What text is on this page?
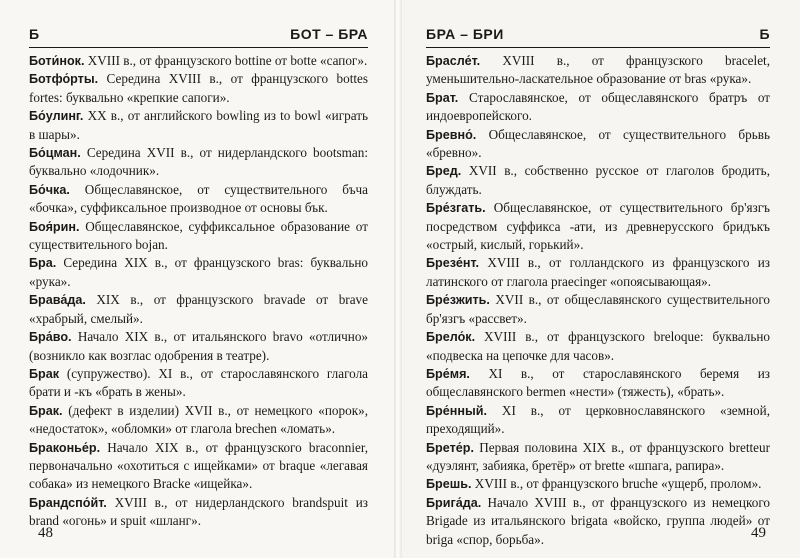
Б	БОТ – БРА
Боти́нок. XVIII в., от французского bottine от botte «сапог».
Ботфо́рты. Середина XVIII в., от французского bottes fortes: буквально «крепкие сапоги».
Бо́улинг. XX в., от английского bowling из to bowl «играть в шары».
Бо́цман. Середина XVII в., от нидерландского bootsman: буквально «лодочник».
Бо́чка. Общеславянское, от существительного бъча «бочка», суффиксальное производное от основы бък.
Боя́рин. Общеславянское, суффиксальное образование от существительного bojan.
Бра. Середина XIX в., от французского bras: буквально «рука».
Брава́да. XIX в., от французского bravade от brave «храбрый, смелый».
Бра́во. Начало XIX в., от итальянского bravo «отлично» (возникло как возглас одобрения в театре).
Брак (супружество). XI в., от старославянского глагола брати и -къ «брать в жены».
Брак. (дефект в изделии) XVII в., от немецкого «порок», «недостаток», «обломки» от глагола brechen «ломать».
Браконье́р. Начало XIX в., от французского braconnier, первоначально «охотиться с ищейками» от braque «легавая собака» из немецкого Bracke «ищейка».
Брандспо́йт. XVIII в., от нидерландского brandspuit из brand «огонь» и spuit «шланг».
48
БРА – БРИ	Б
Брасле́т. XVIII в., от французского bracelet, уменьшительно-ласкательное образование от bras «рука».
Брат. Старославянское, от общеславянского братръ от индоевропейского.
Бревно́. Общеславянское, от существительного брьвь «бревно».
Бред. XVII в., собственно русское от глаголов бродить, блуждать.
Бре́згать. Общеславянское, от существительного бр'язгъ посредством суффикса -ати, из древнерусского бридъкъ «острый, кислый, горький».
Брезе́нт. XVIII в., от голландского из французского из латинского от глагола praecinger «опоясывающая».
Бре́зжить. XVII в., от общеславянского существительного бр'язгъ «рассвет».
Брело́к. XVIII в., от французского breloque: буквально «подвеска на цепочке для часов».
Бре́мя. XI в., от старославянского беремя из общеславянского bermen «нести» (тяжесть), «брать».
Бре́нный. XI в., от церковнославянского «земной, преходящий».
Брете́р. Первая половина XIX в., от французского bretteur «дуэлянт, забияка, бретёр» от brette «шпага, рапира».
Брешь. XVIII в., от французского bruche «ущерб, пролом».
Брига́да. Начало XVIII в., от французского из немецкого Brigade из итальянского brigata «войско, группа людей» от briga «спор, борьба».	49
